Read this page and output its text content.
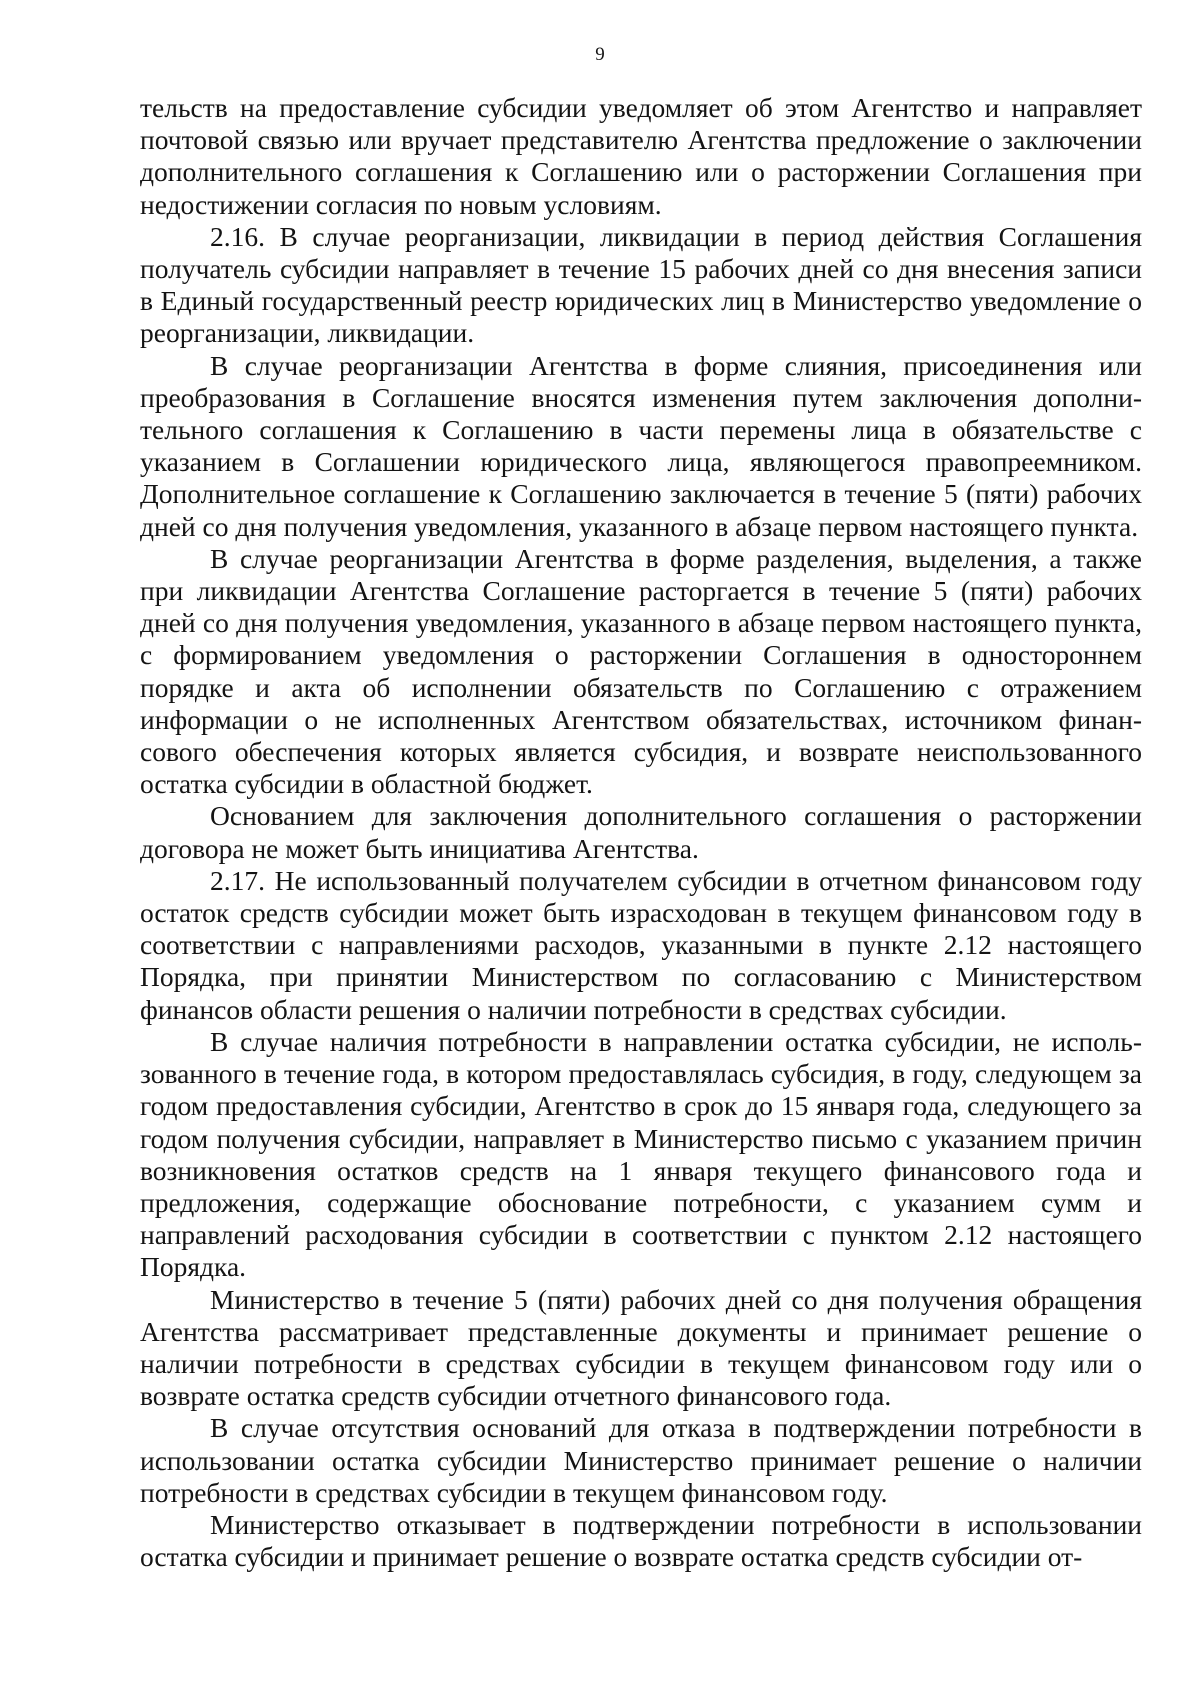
9

тельств на предоставление субсидии уведомляет об этом Агентство и направляет почтовой связью или вручает представителю Агентства предложение о заключении дополнительного соглашения к Соглашению или о расторжении Соглашения при недостижении согласия по новым условиям.

2.16. В случае реорганизации, ликвидации в период действия Соглашения получатель субсидии направляет в течение 15 рабочих дней со дня внесения записи в Единый государственный реестр юридических лиц в Министерство уведомление о реорганизации, ликвидации.

В случае реорганизации Агентства в форме слияния, присоединения или преобразования в Соглашение вносятся изменения путем заключения дополнительного соглашения к Соглашению в части перемены лица в обязательстве с указанием в Соглашении юридического лица, являющегося правопреемником. Дополнительное соглашение к Соглашению заключается в течение 5 (пяти) рабочих дней со дня получения уведомления, указанного в абзаце первом настоящего пункта.

В случае реорганизации Агентства в форме разделения, выделения, а также при ликвидации Агентства Соглашение расторгается в течение 5 (пяти) рабочих дней со дня получения уведомления, указанного в абзаце первом настоящего пункта, с формированием уведомления о расторжении Соглашения в одностороннем порядке и акта об исполнении обязательств по Соглашению с отражением информации о не исполненных Агентством обязательствах, источником финансового обеспечения которых является субсидия, и возврате неиспользованного остатка субсидии в областной бюджет.

Основанием для заключения дополнительного соглашения о расторжении договора не может быть инициатива Агентства.

2.17. Не использованный получателем субсидии в отчетном финансовом году остаток средств субсидии может быть израсходован в текущем финансовом году в соответствии с направлениями расходов, указанными в пункте 2.12 настоящего Порядка, при принятии Министерством по согласованию с Министерством финансов области решения о наличии потребности в средствах субсидии.

В случае наличия потребности в направлении остатка субсидии, не использованного в течение года, в котором предоставлялась субсидия, в году, следующем за годом предоставления субсидии, Агентство в срок до 15 января года, следующего за годом получения субсидии, направляет в Министерство письмо с указанием причин возникновения остатков средств на 1 января текущего финансового года и предложения, содержащие обоснование потребности, с указанием сумм и направлений расходования субсидии в соответствии с пунктом 2.12 настоящего Порядка.

Министерство в течение 5 (пяти) рабочих дней со дня получения обращения Агентства рассматривает представленные документы и принимает решение о наличии потребности в средствах субсидии в текущем финансовом году или о возврате остатка средств субсидии отчетного финансового года.

В случае отсутствия оснований для отказа в подтверждении потребности в использовании остатка субсидии Министерство принимает решение о наличии потребности в средствах субсидии в текущем финансовом году.

Министерство отказывает в подтверждении потребности в использовании остатка субсидии и принимает решение о возврате остатка средств субсидии от-
